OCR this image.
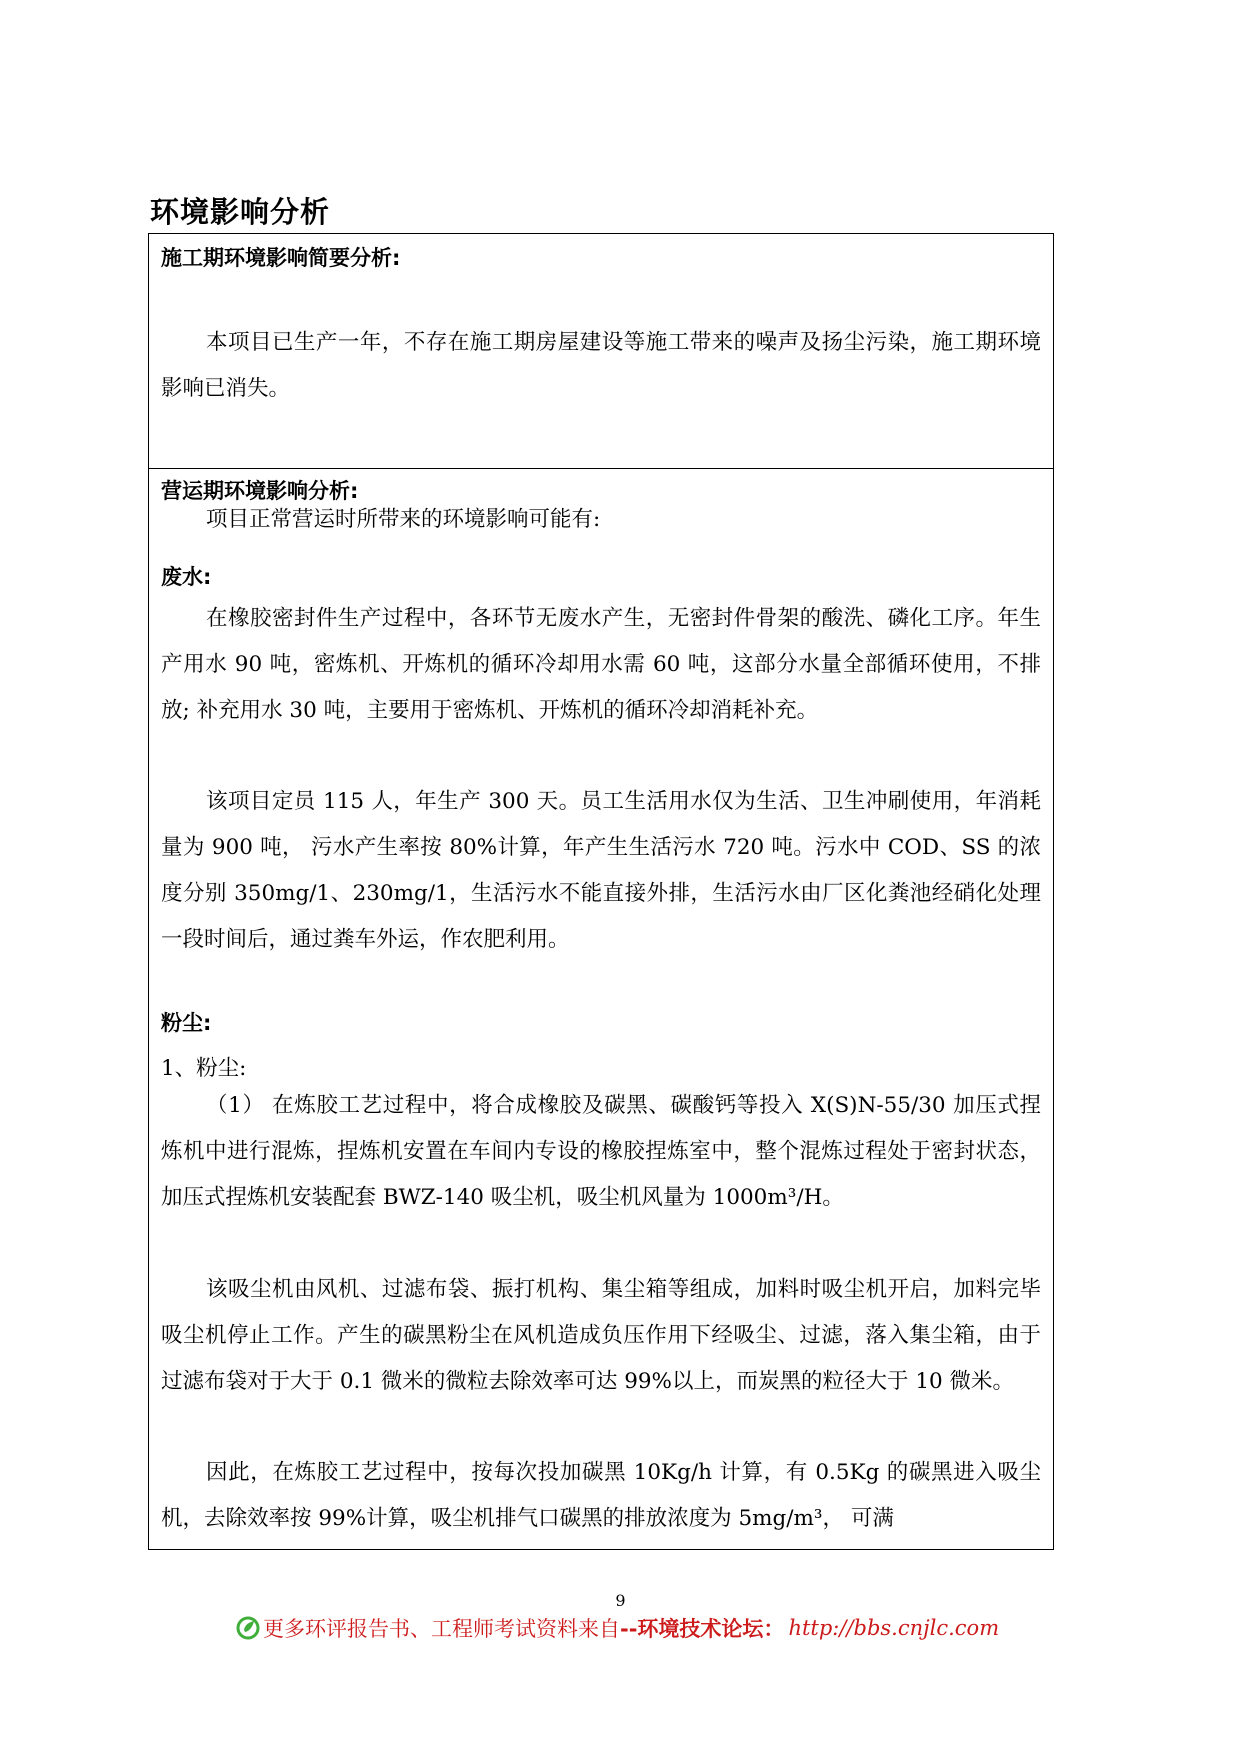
环境影响分析
施工期环境影响简要分析:
本项目已生产一年，不存在施工期房屋建设等施工带来的噪声及扬尘污染，施工期环境影响已消失。
营运期环境影响分析:
项目正常营运时所带来的环境影响可能有:
废水:
在橡胶密封件生产过程中，各环节无废水产生，无密封件骨架的酸洗、磷化工序。年生产用水 90 吨，密炼机、开炼机的循环冷却用水需 60 吨，这部分水量全部循环使用，不排放; 补充用水 30 吨，主要用于密炼机、开炼机的循环冷却消耗补充。
该项目定员 115 人，年生产 300 天。员工生活用水仅为生活、卫生冲刷使用，年消耗量为 900 吨， 污水产生率按 80%计算，年产生生活污水 720 吨。污水中 COD、SS 的浓度分别 350mg/1、230mg/1，生活污水不能直接外排，生活污水由厂区化粪池经硝化处理一段时间后，通过粪车外运，作农肥利用。
粉尘:
1、粉尘:
（1） 在炼胶工艺过程中，将合成橡胶及碳黑、碳酸钙等投入 X(S)N-55/30 加压式捏炼机中进行混炼，捏炼机安置在车间内专设的橡胶捏炼室中，整个混炼过程处于密封状态，加压式捏炼机安装配套 BWZ-140 吸尘机，吸尘机风量为 1000m³/H。
该吸尘机由风机、过滤布袋、振打机构、集尘箱等组成，加料时吸尘机开启，加料完毕吸尘机停止工作。产生的碳黑粉尘在风机造成负压作用下经吸尘、过滤，落入集尘箱，由于过滤布袋对于大于 0.1 微米的微粒去除效率可达 99%以上，而炭黑的粒径大于 10 微米。
因此，在炼胶工艺过程中，按每次投加碳黑 10Kg/h 计算，有 0.5Kg 的碳黑进入吸尘机，去除效率按 99%计算，吸尘机排气口碳黑的排放浓度为 5mg/m³， 可满
9
更多环评报告书、工程师考试资料来自 --环境技术论坛： http://bbs.cnjlc.com
